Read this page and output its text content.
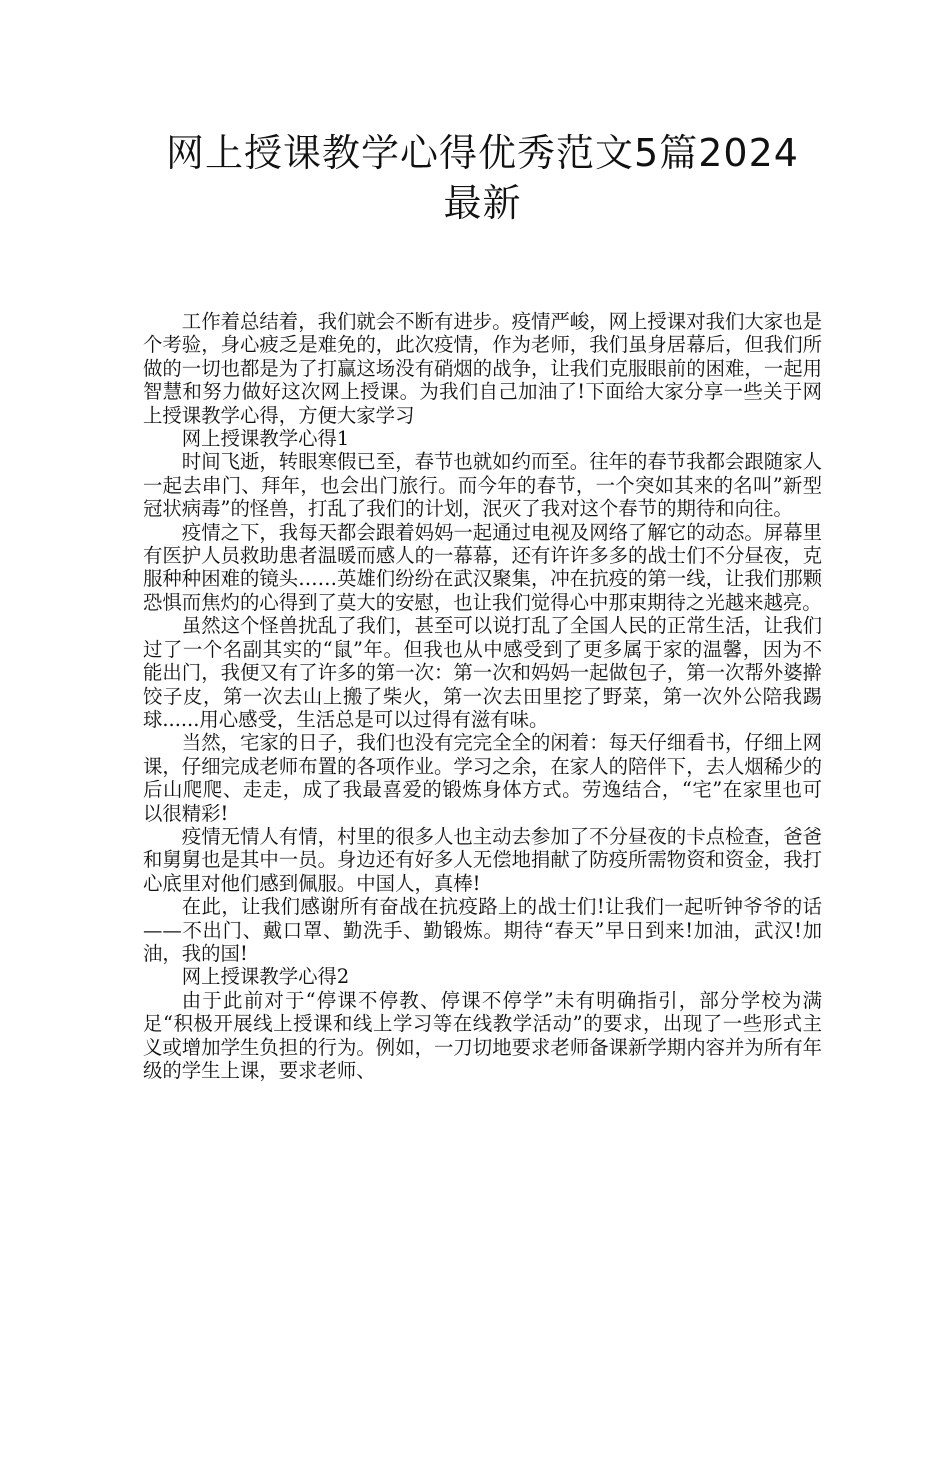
网上授课教学心得优秀范文5篇2024最新

工作着总结着，我们就会不断有进步。疫情严峻，网上授课对我们大家也是个考验，身心疲乏是难免的，此次疫情，作为老师，我们虽身居幕后，但我们所做的一切也都是为了打赢这场没有硝烟的战争，让我们克服眼前的困难，一起用智慧和努力做好这次网上授课。为我们自己加油了!下面给大家分享一些关于网上授课教学心得，方便大家学习

网上授课教学心得1

时间飞逝，转眼寒假已至，春节也就如约而至。往年的春节我都会跟随家人一起去串门、拜年，也会出门旅行。而今年的春节，一个突如其来的名叫”新型冠状病毒”的怪兽，打乱了我们的计划，泯灭了我对这个春节的期待和向往。

疫情之下，我每天都会跟着妈妈一起通过电视及网络了解它的动态。屏幕里有医护人员救助患者温暖而感人的一幕幕，还有许许多多的战士们不分昼夜，克服种种困难的镜头……英雄们纷纷在武汉聚集，冲在抗疫的第一线，让我们那颗恐惧而焦灼的心得到了莫大的安慰，也让我们觉得心中那束期待之光越来越亮。

虽然这个怪兽扰乱了我们，甚至可以说打乱了全国人民的正常生活，让我们过了一个名副其实的“鼠”年。但我也从中感受到了更多属于家的温馨，因为不能出门，我便又有了许多的第一次：第一次和妈妈一起做包子，第一次帮外婆擀饺子皮，第一次去山上搬了柴火，第一次去田里挖了野菜，第一次外公陪我踢球......用心感受，生活总是可以过得有滋有味。

当然，宅家的日子，我们也没有完完全全的闲着：每天仔细看书，仔细上网课，仔细完成老师布置的各项作业。学习之余，在家人的陪伴下，去人烟稀少的后山爬爬、走走，成了我最喜爱的锻炼身体方式。劳逸结合，“宅”在家里也可以很精彩!

疫情无情人有情，村里的很多人也主动去参加了不分昼夜的卡点检查，爸爸和舅舅也是其中一员。身边还有好多人无偿地捐献了防疫所需物资和资金，我打心底里对他们感到佩服。中国人，真棒!

在此，让我们感谢所有奋战在抗疫路上的战士们!让我们一起听钟爷爷的话——不出门、戴口罩、勤洗手、勤锻炼。期待“春天”早日到来!加油，武汉!加油，我的国!

网上授课教学心得2

由于此前对于“停课不停教、停课不停学”未有明确指引，部分学校为满足“积极开展线上授课和线上学习等在线教学活动”的要求，出现了一些形式主义或增加学生负担的行为。例如，一刀切地要求老师备课新学期内容并为所有年级的学生上课，要求老师、
